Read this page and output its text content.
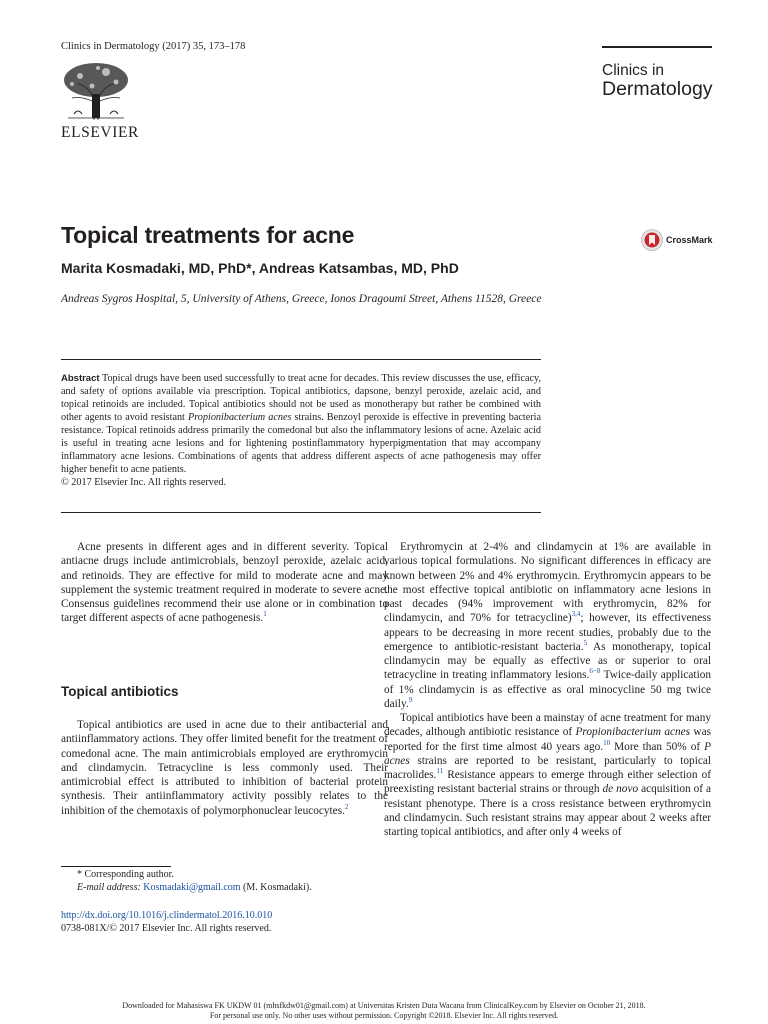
Clinics in Dermatology (2017) 35, 173–178
ELSEVIER
Clinics in
Dermatology
Topical treatments for acne
Marita Kosmadaki, MD, PhD*, Andreas Katsambas, MD, PhD
Andreas Sygros Hospital, 5, University of Athens, Greece, Ionos Dragoumi Street, Athens 11528, Greece
CrossMark

Abstract Topical drugs have been used successfully to treat acne for decades. This review discusses the use, efficacy, and safety of options available via prescription. Topical antibiotics, dapsone, benzyl peroxide, azelaic acid, and topical retinoids are included. Topical antibiotics should not be used as monotherapy but rather be combined with other agents to avoid resistant Propionibacterium acnes strains. Benzoyl peroxide is effective in preventing bacteria resistance. Topical retinoids address primarily the comedonal but also the inflammatory lesions of acne. Azelaic acid is useful in treating acne lesions and for lightening postinflammatory hyperpigmentation that may accompany inflammatory acne lesions. Combinations of agents that address different aspects of acne pathogenesis may offer higher benefit to acne patients.

© 2017 Elsevier Inc. All rights reserved.

Acne presents in different ages and in different severity. Topical antiacne drugs include antimicrobials, benzoyl peroxide, azelaic acid, and retinoids. They are effective for mild to moderate acne and may supplement the systemic treatment required in moderate to severe acne. Consensus guidelines recommend their use alone or in combination to target different aspects of acne pathogenesis.$^1$

Topical antibiotics

Topical antibiotics are used in acne due to their antibacterial and antiinflammatory actions. They offer limited benefit for the treatment of comedonal acne. The main antimicrobials employed are erythromycin and clindamycin. Tetracycline is less commonly used. Their antimicrobial effect is attributed to inhibition of bacterial protein synthesis. Their antiinflammatory activity possibly relates to the inhibition of the chemotaxis of polymorphonuclear leucocytes.$^2$

Erythromycin at 2-4% and clindamycin at 1% are available in various topical formulations. No significant differences in efficacy are known between 2% and 4% erythromycin. Erythromycin appears to be the most effective topical antibiotic on inflammatory acne lesions in past decades (94% improvement with erythromycin, 82% for clindamycin, and 70% for tetracycline)$^{3,4}$; however, its effectiveness appears to be decreasing in more recent studies, probably due to the emergence to antibiotic-resistant bacteria.$^5$ As monotherapy, topical clindamycin may be equally as effective as or superior to oral tetracycline in treating inflammatory lesions.$^{6-8}$ Twice-daily application of 1% clindamycin is as effective as oral minocycline 50 mg twice daily.$^9$

Topical antibiotics have been a mainstay of acne treatment for many decades, although antibiotic resistance of Propionibacterium acnes was reported for the first time almost 40 years ago.$^{10}$ More than 50% of P acnes strains are reported to be resistant, particularly to topical macrolides.$^{11}$ Resistance appears to emerge through either selection of preexisting resistant bacterial strains or through de novo acquisition of a resistant phenotype. There is a cross resistance between erythromycin and clindamycin. Such resistant strains may appear about 2 weeks after starting topical antibiotics, and after only 4 weeks of

* Corresponding author.
E-mail address: Kosmadaki@gmail.com (M. Kosmadaki).
http://dx.doi.org/10.1016/j.clindermatol.2016.10.010
0738-081X/© 2017 Elsevier Inc. All rights reserved.
Downloaded for Mahasiswa FK UKDW 01 (mhsfkdw01@gmail.com) at Universitas Kristen Duta Wacana from ClinicalKey.com by Elsevier on October 21, 2018.
For personal use only. No other uses without permission. Copyright ©2018. Elsevier Inc. All rights reserved.
